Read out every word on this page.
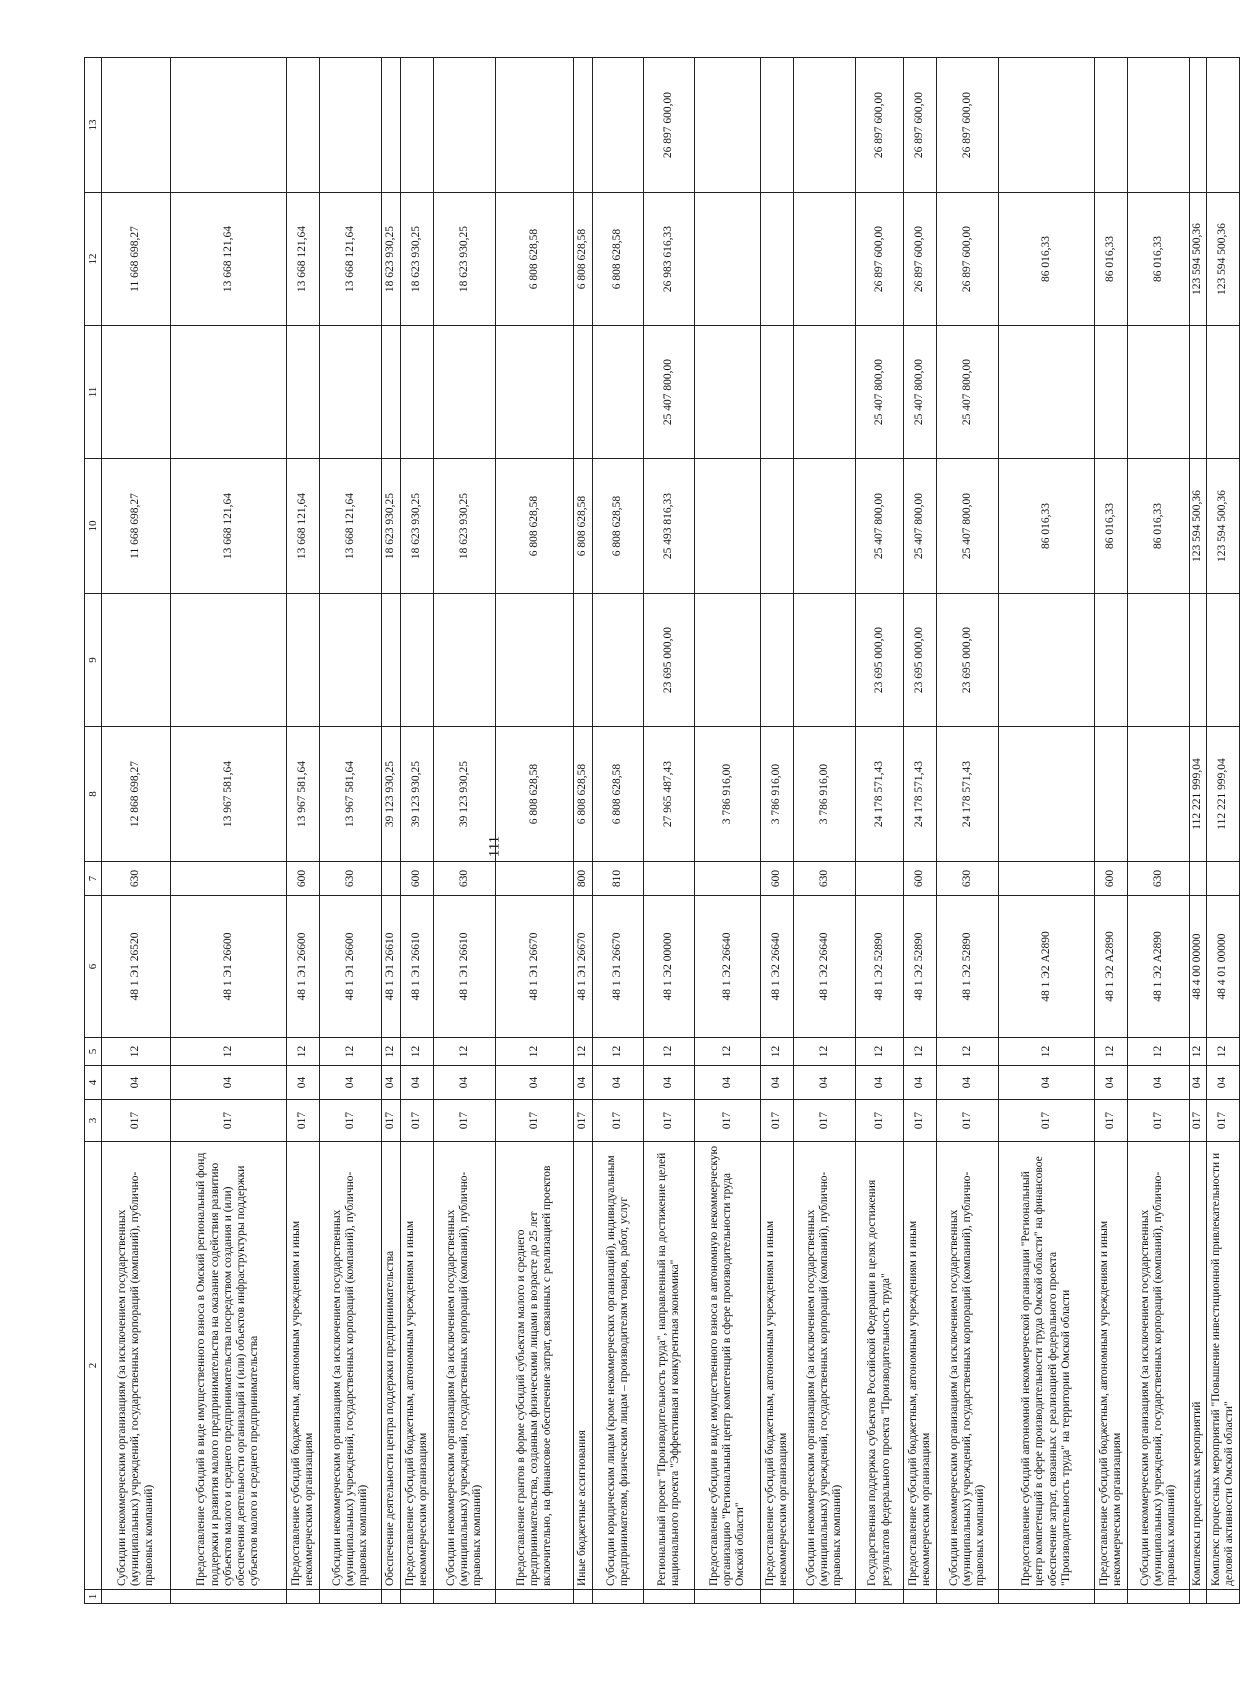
111
1	2	3	4	5	6	7	8	9	10	11	12	13
	Субсидии некоммерческим организациям (за исключением государственных (муниципальных) учреждений, государственных корпораций (компаний), публично-правовых компаний)	017	04	12	48 1 Э1 26520	630	12 868 698,27		11 668 698,27		11 668 698,27	
	Предоставление субсидий в виде имущественного взноса в Омский региональный фонд поддержки и развития малого предпринимательства на оказание содействия развитию субъектов малого и среднего предпринимательства посредством создания и (или) обеспечения деятельности организаций и (или) объектов инфраструктуры поддержки субъектов малого и среднего предпринимательства	017	04	12	48 1 Э1 26600		13 967 581,64		13 668 121,64		13 668 121,64	
	Предоставление субсидий бюджетным, автономным учреждениям и иным некоммерческим организациям	017	04	12	48 1 Э1 26600	600	13 967 581,64		13 668 121,64		13 668 121,64	
	Субсидии некоммерческим организациям (за исключением государственных (муниципальных) учреждений, государственных корпораций (компаний), публично-правовых компаний)	017	04	12	48 1 Э1 26600	630	13 967 581,64		13 668 121,64		13 668 121,64	
	Обеспечение деятельности центра поддержки предпринимательства	017	04	12	48 1 Э1 26610		39 123 930,25		18 623 930,25		18 623 930,25	
	Предоставление субсидий бюджетным, автономным учреждениям и иным некоммерческим организациям	017	04	12	48 1 Э1 26610	600	39 123 930,25		18 623 930,25		18 623 930,25	
	Субсидии некоммерческим организациям (за исключением государственных (муниципальных) учреждений, государственных корпораций (компаний), публично-правовых компаний)	017	04	12	48 1 Э1 26610	630	39 123 930,25		18 623 930,25		18 623 930,25	
	Предоставление грантов в форме субсидий субъектам малого и среднего предпринимательства, созданным физическими лицами в возрасте до 25 лет включительно, на финансовое обеспечение затрат, связанных с реализацией проектов	017	04	12	48 1 Э1 26670		6 808 628,58		6 808 628,58		6 808 628,58	
	Иные бюджетные ассигнования	017	04	12	48 1 Э1 26670	800	6 808 628,58		6 808 628,58		6 808 628,58	
	Субсидии юридическим лицам (кроме некоммерческих организаций), индивидуальным предпринимателям, физическим лицам – производителям товаров, работ, услуг	017	04	12	48 1 Э1 26670	810	6 808 628,58		6 808 628,58		6 808 628,58	
	Региональный проект "Производительность труда", направленный на достижение целей национального проекта "Эффективная и конкурентная экономика"	017	04	12	48 1 Э2 00000		27 965 487,43	23 695 000,00	25 493 816,33	25 407 800,00	26 983 616,33	26 897 600,00
	Предоставление субсидии в виде имущественного взноса в автономную некоммерческую организацию "Региональный центр компетенций в сфере производительности труда Омской области"	017	04	12	48 1 Э2 26640		3 786 916,00					
	Предоставление субсидий бюджетным, автономным учреждениям и иным некоммерческим организациям	017	04	12	48 1 Э2 26640	600	3 786 916,00					
	Субсидии некоммерческим организациям (за исключением государственных (муниципальных) учреждений, государственных корпораций (компаний), публично-правовых компаний)	017	04	12	48 1 Э2 26640	630	3 786 916,00					
	Государственная поддержка субъектов Российской Федерации в целях достижения результатов федерального проекта "Производительность труда"	017	04	12	48 1 Э2 52890		24 178 571,43	23 695 000,00	25 407 800,00	25 407 800,00	26 897 600,00	26 897 600,00
	Предоставление субсидий бюджетным, автономным учреждениям и иным некоммерческим организациям	017	04	12	48 1 Э2 52890	600	24 178 571,43	23 695 000,00	25 407 800,00	25 407 800,00	26 897 600,00	26 897 600,00
	Субсидии некоммерческим организациям (за исключением государственных (муниципальных) учреждений, государственных корпораций (компаний), публично-правовых компаний)	017	04	12	48 1 Э2 52890	630	24 178 571,43	23 695 000,00	25 407 800,00	25 407 800,00	26 897 600,00	26 897 600,00
	Предоставление субсидий автономной некоммерческой организации "Региональный центр компетенций в сфере производительности труда Омской области" на финансовое обеспечение затрат, связанных с реализацией федерального проекта "Производительность труда" на территории Омской области	017	04	12	48 1 Э2 А2890				86 016,33		86 016,33	
	Предоставление субсидий бюджетным, автономным учреждениям и иным некоммерческим организациям	017	04	12	48 1 Э2 А2890	600			86 016,33		86 016,33	
	Субсидии некоммерческим организациям (за исключением государственных (муниципальных) учреждений, государственных корпораций (компаний), публично-правовых компаний)	017	04	12	48 1 Э2 А2890	630			86 016,33		86 016,33	
	Комплексы процессных мероприятий	017	04	12	48 4 00 00000		112 221 999,04		123 594 500,36		123 594 500,36	
	Комплекс процессных мероприятий "Повышение инвестиционной привлекательности и деловой активности Омской области"	017	04	12	48 4 01 00000		112 221 999,04		123 594 500,36		123 594 500,36	
